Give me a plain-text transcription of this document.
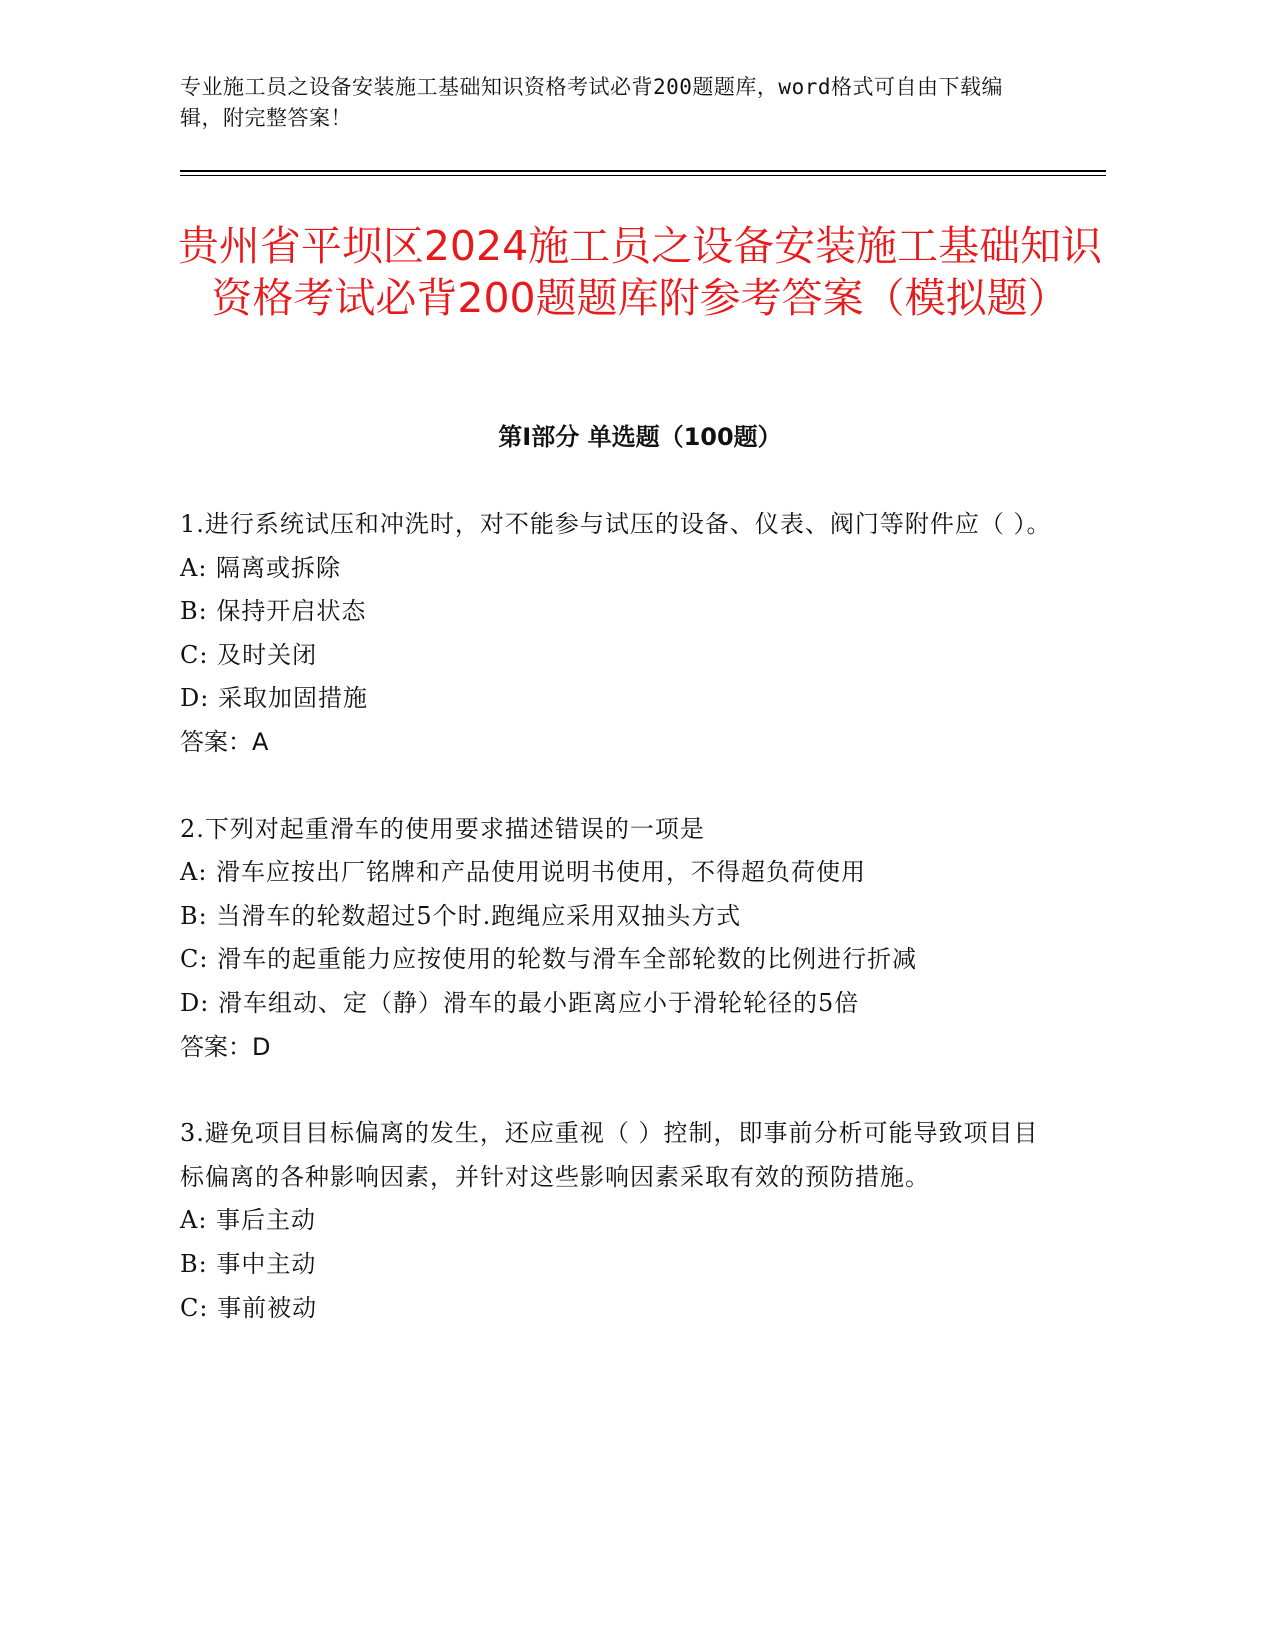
专业施工员之设备安装施工基础知识资格考试必背200题题库，word格式可自由下载编辑，附完整答案！
贵州省平坝区2024施工员之设备安装施工基础知识资格考试必背200题题库附参考答案（模拟题）
第I部分 单选题（100题）

1.进行系统试压和冲洗时，对不能参与试压的设备、仪表、阀门等附件应（ ）。

A: 隔离或拆除

B: 保持开启状态

C: 及时关闭

D: 采取加固措施

答案：A

2.下列对起重滑车的使用要求描述错误的一项是

A: 滑车应按出厂铭牌和产品使用说明书使用，不得超负荷使用

B: 当滑车的轮数超过5个时.跑绳应采用双抽头方式

C: 滑车的起重能力应按使用的轮数与滑车全部轮数的比例进行折减

D: 滑车组动、定（静）滑车的最小距离应小于滑轮轮径的5倍

答案：D

3.避免项目目标偏离的发生，还应重视（ ）控制，即事前分析可能导致项目目标偏离的各种影响因素，并针对这些影响因素采取有效的预防措施。

A: 事后主动

B: 事中主动

C: 事前被动
